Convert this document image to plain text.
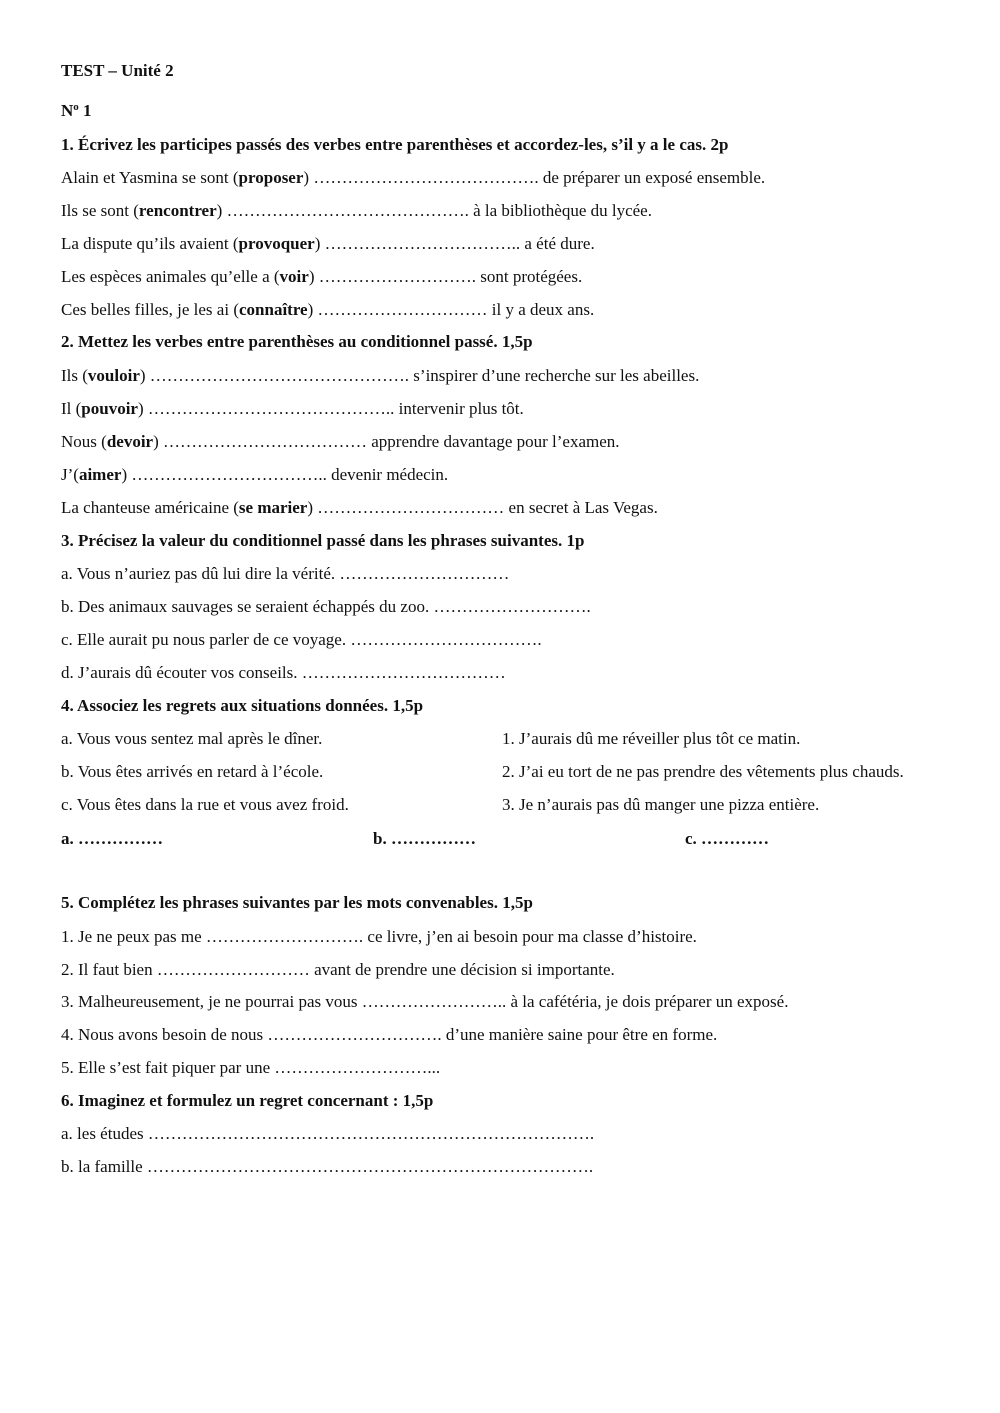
TEST – Unité 2
$N^o$ 1
1. Écrivez les participes passés des verbes entre parenthèses et accordez-les, s’il y a le cas. 2p
Alain et Yasmina se sont (proposer) …………………………………. de préparer un exposé ensemble.
Ils se sont (rencontrer) ……………………………………. à la bibliothèque du lycée.
La dispute qu’ils avaient (provoquer) …………………………….. a été dure.
Les espèces animales qu’elle a (voir) ………………………. sont protégées.
Ces belles filles, je les ai (connaître) ………………………… il y a deux ans.
2. Mettez les verbes entre parenthèses au conditionnel passé. 1,5p
Ils (vouloir) ………………………………………. s’inspirer d’une recherche sur les abeilles.
Il (pouvoir) …………………………………….. intervenir plus tôt.
Nous (devoir) ……………………………… apprendre davantage pour l’examen.
J’(aimer) …………………………….. devenir médecin.
La chanteuse américaine (se marier) …………………………… en secret à Las Vegas.
3. Précisez la valeur du conditionnel passé dans les phrases suivantes. 1p
a. Vous n’auriez pas dû lui dire la vérité. …………………………
b. Des animaux sauvages se seraient échappés du zoo. ……………………….
c. Elle aurait pu nous parler de ce voyage. …………………………….
d. J’aurais dû écouter vos conseils. ………………………………
4. Associez les regrets aux situations données. 1,5p
a. Vous vous sentez mal après le dîner.	1. J’aurais dû me réveiller plus tôt ce matin.
b. Vous êtes arrivés en retard à l’école.	2. J’ai eu tort de ne pas prendre des vêtements plus chauds.
c. Vous êtes dans la rue et vous avez froid.	3. Je n’aurais pas dû manger une pizza entière.
a. ……………	b. ……………	c. …………
5. Complétez les phrases suivantes par les mots convenables. 1,5p
1. Je ne peux pas me ………………………. ce livre, j’en ai besoin pour ma classe d’histoire.
2. Il faut bien ……………………… avant de prendre une décision si importante.
3. Malheureusement, je ne pourrai pas vous …………………….. à la cafétéria, je dois préparer un exposé.
4. Nous avons besoin de nous …………………………. d’une manière saine pour être en forme.
5. Elle s’est fait piquer par une ………………………...
6. Imaginez et formulez un regret concernant : 1,5p
a. les études …………………………………………………………………….
b. la famille …………………………………………………………………….
